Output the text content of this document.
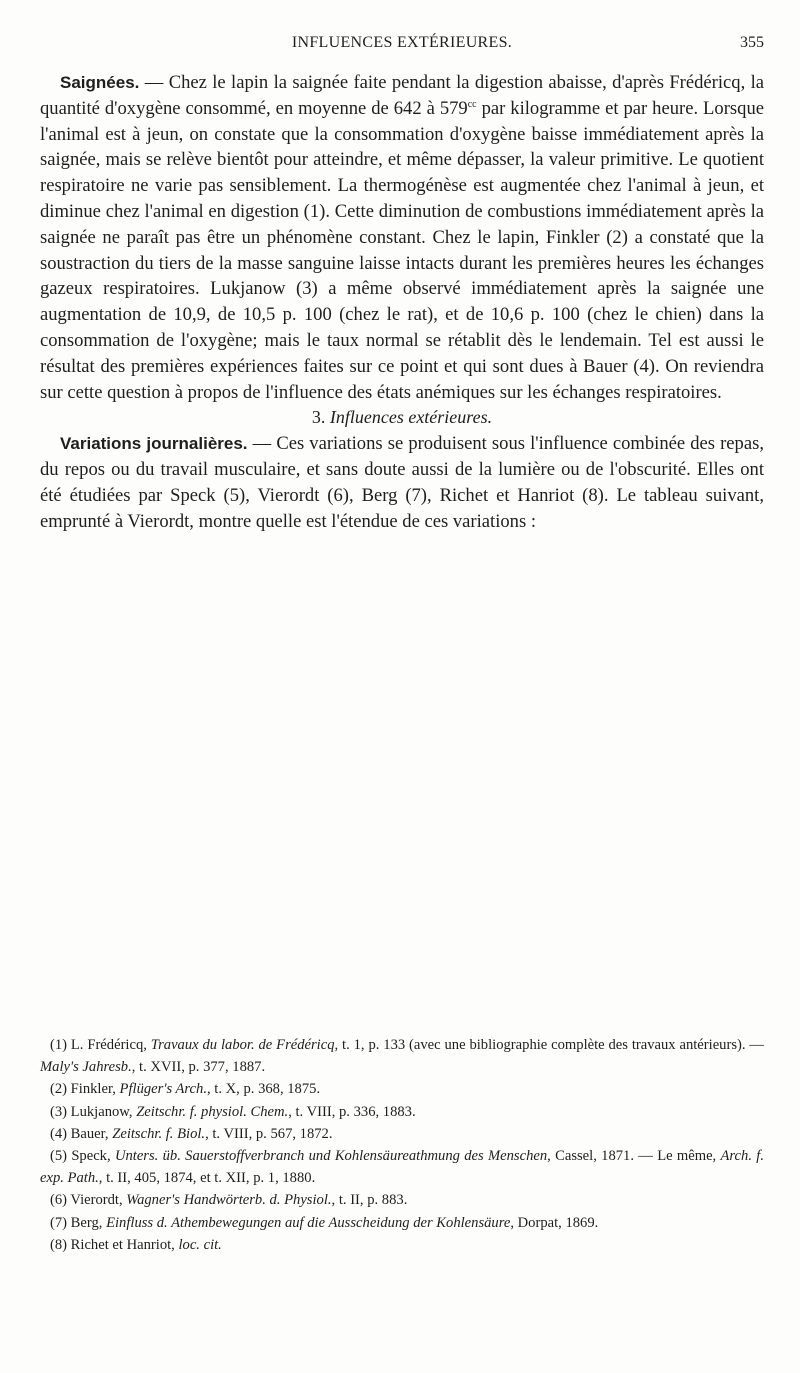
INFLUENCES EXTÉRIEURES.	355

Saignées. — Chez le lapin la saignée faite pendant la digestion abaisse, d'après Frédéricq, la quantité d'oxygène consommé, en moyenne de 642 à $579^{cc}$ par kilogramme et par heure. Lorsque l'animal est à jeun, on constate que la consommation d'oxygène baisse immédiatement après la saignée, mais se relève bientôt pour atteindre, et même dépasser, la valeur primitive. Le quotient respiratoire ne varie pas sensiblement. La thermogénèse est augmentée chez l'animal à jeun, et diminue chez l'animal en digestion (1). Cette diminution de combustions immédiatement après la saignée ne paraît pas être un phénomène constant. Chez le lapin, Finkler (2) a constaté que la soustraction du tiers de la masse sanguine laisse intacts durant les premières heures les échanges gazeux respiratoires. Lukjanow (3) a même observé immédiatement après la saignée une augmentation de 10,9, de 10,5 p. 100 (chez le rat), et de 10,6 p. 100 (chez le chien) dans la consommation de l'oxygène; mais le taux normal se rétablit dès le lendemain. Tel est aussi le résultat des premières expériences faites sur ce point et qui sont dues à Bauer (4). On reviendra sur cette question à propos de l'influence des états anémiques sur les échanges respiratoires.

3. Influences extérieures.

Variations journalières. — Ces variations se produisent sous l'influence combinée des repas, du repos ou du travail musculaire, et sans doute aussi de la lumière ou de l'obscurité. Elles ont été étudiées par Speck (5), Vierordt (6), Berg (7), Richet et Hanriot (8). Le tableau suivant, emprunté à Vierordt, montre quelle est l'étendue de ces variations :

(1) L. Frédéricq, Travaux du labor. de Frédéricq, t. 1, p. 133 (avec une bibliographie complète des travaux antérieurs). — Maly's Jahresb., t. XVII, p. 377, 1887.

(2) Finkler, Pflüger's Arch., t. X, p. 368, 1875.

(3) Lukjanow, Zeitschr. f. physiol. Chem., t. VIII, p. 336, 1883.

(4) Bauer, Zeitschr. f. Biol., t. VIII, p. 567, 1872.

(5) Speck, Unters. üb. Sauerstoffverbranch und Kohlensäureathmung des Menschen, Cassel, 1871. — Le même, Arch. f. exp. Path., t. II, 405, 1874, et t. XII, p. 1, 1880.

(6) Vierordt, Wagner's Handwörterb. d. Physiol., t. II, p. 883.

(7) Berg, Einfluss d. Athembewegungen auf die Ausscheidung der Kohlensäure, Dorpat, 1869.

(8) Richet et Hanriot, loc. cit.
